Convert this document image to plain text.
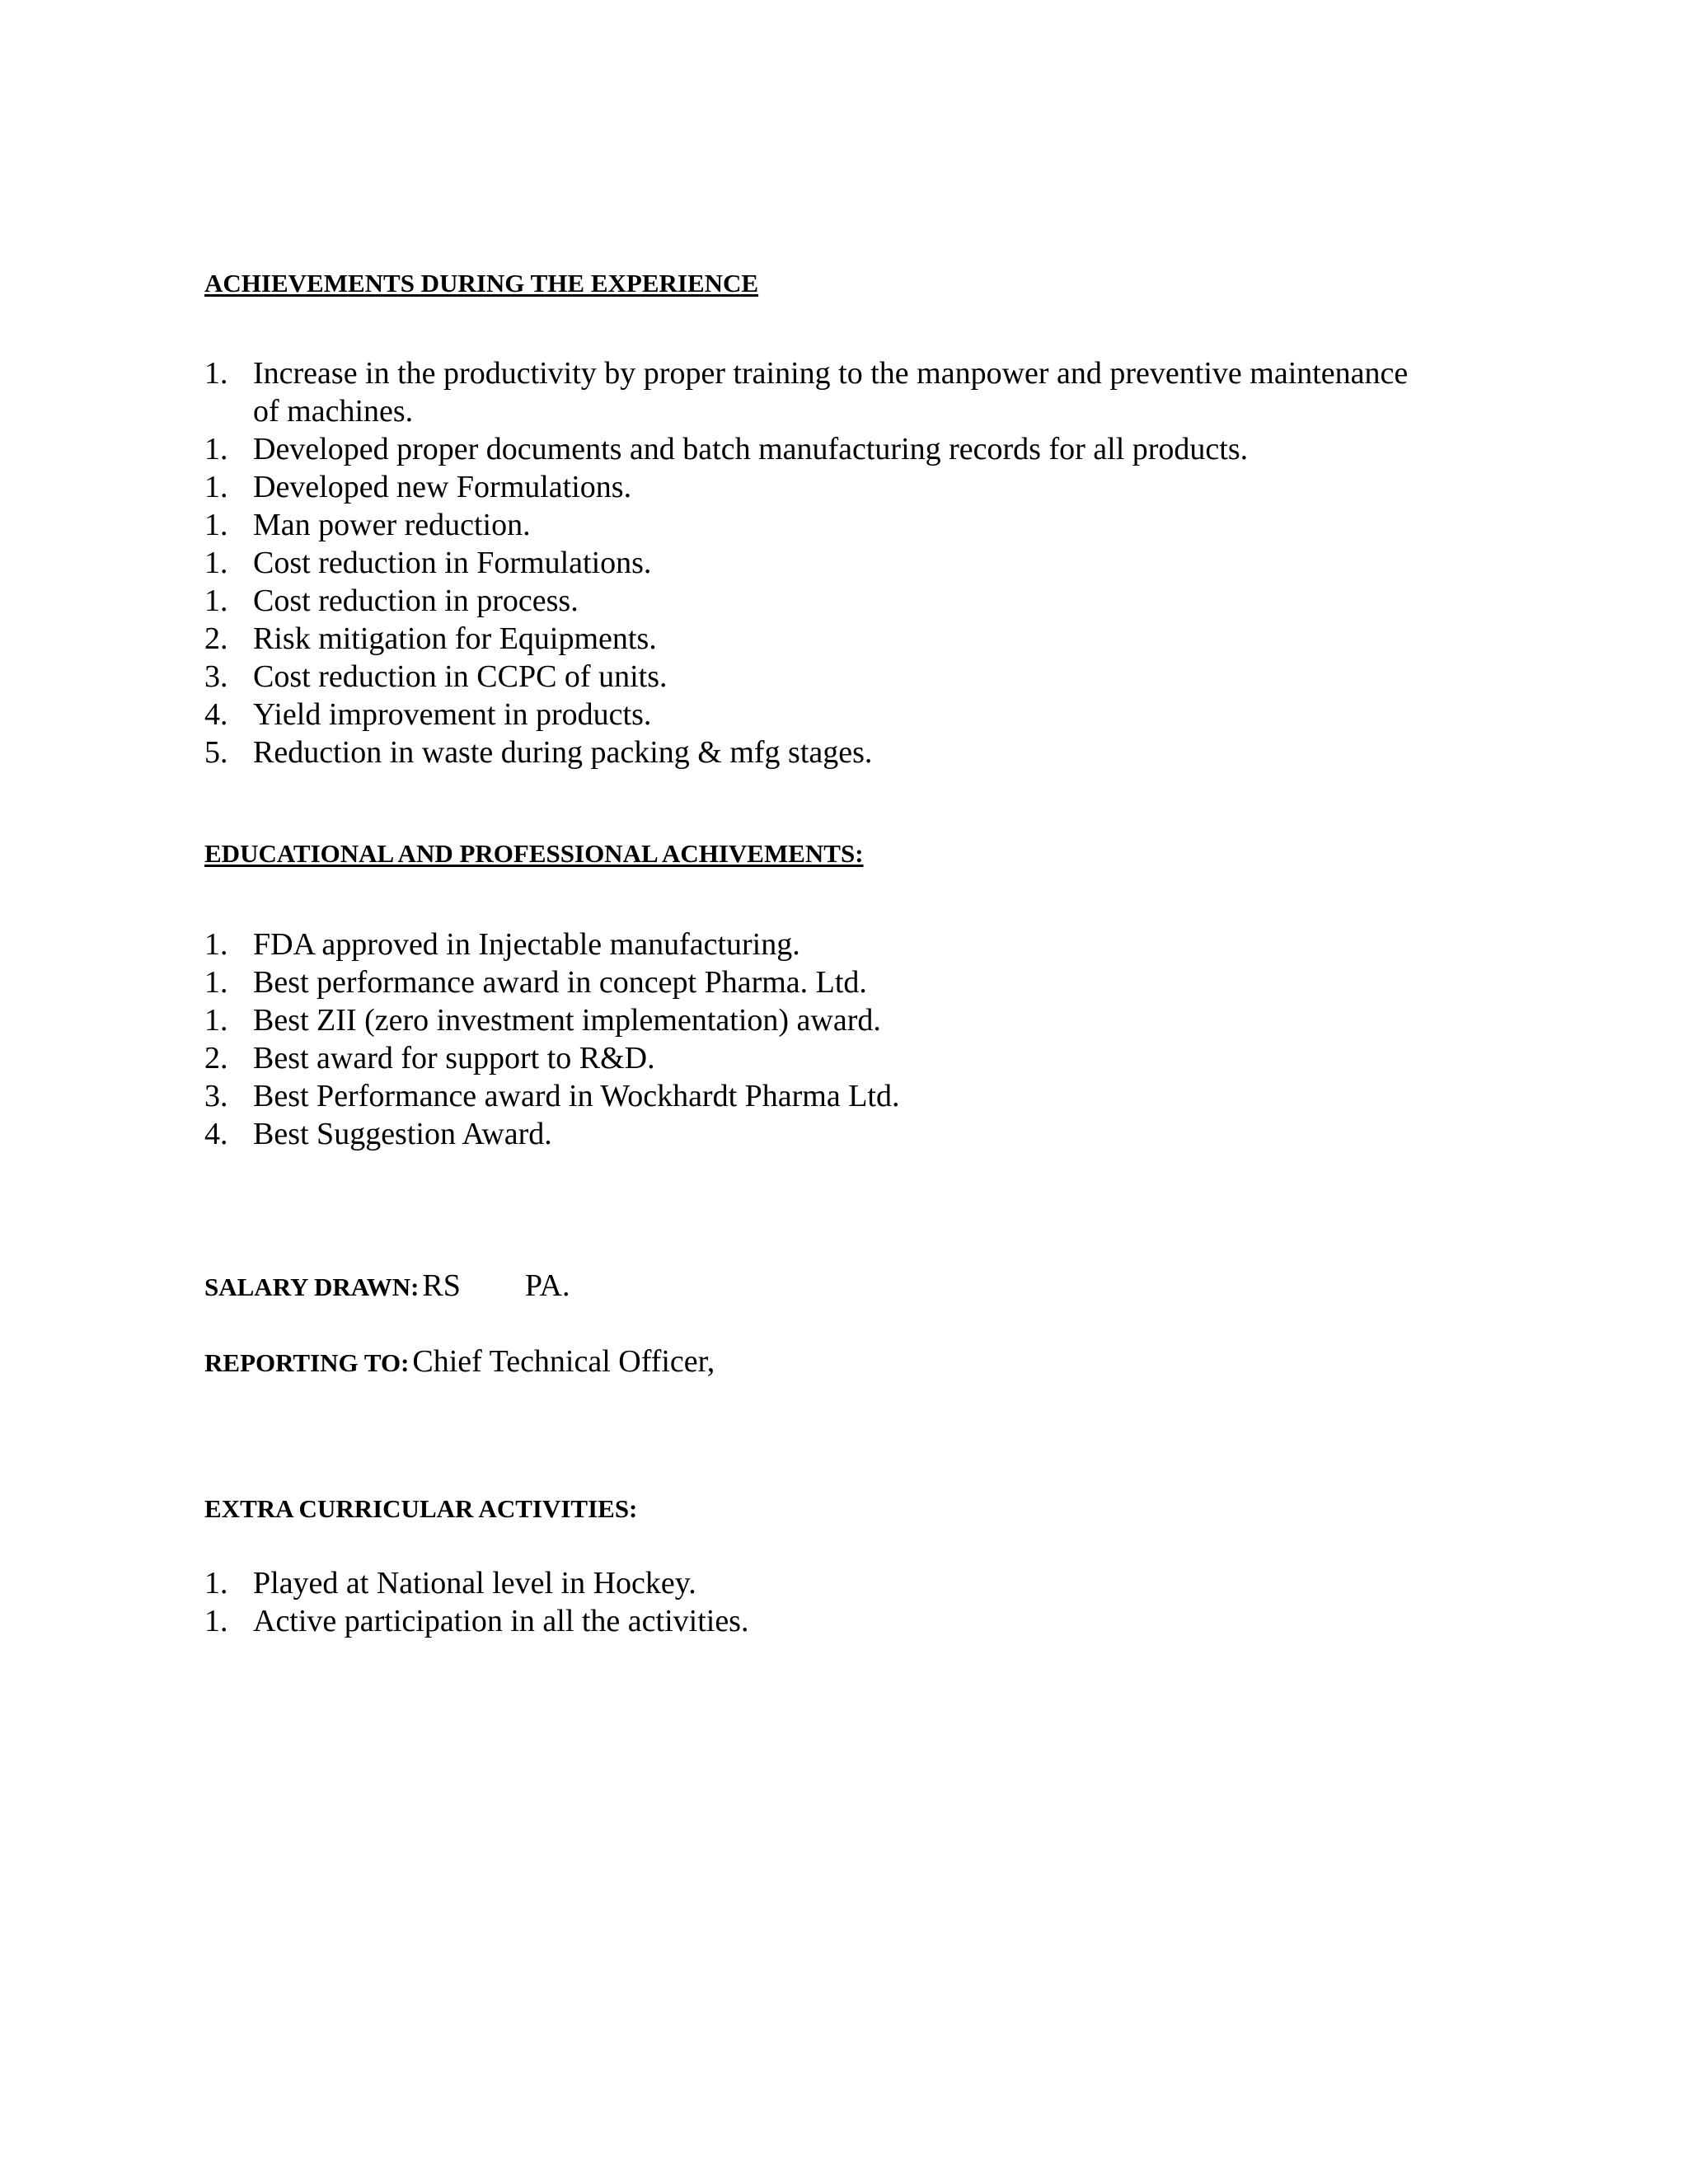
ACHIEVEMENTS DURING THE EXPERIENCE
1. Increase in the productivity by proper training to the manpower and preventive maintenance
of machines.
1. Developed proper documents and batch manufacturing records for all products.
1. Developed new Formulations.
1. Man power reduction.
1. Cost reduction in Formulations.
1. Cost reduction in process.
2. Risk mitigation for Equipments.
3. Cost reduction in CCPC of units.
4. Yield improvement in products.
5. Reduction in waste during packing & mfg stages.
EDUCATIONAL AND PROFESSIONAL ACHIVEMENTS:
1. FDA approved in Injectable manufacturing.
1. Best performance award in concept Pharma. Ltd.
1. Best ZII (zero investment implementation) award.
2. Best award for support to R&D.
3. Best Performance award in Wockhardt Pharma Ltd.
4. Best Suggestion Award.
SALARY DRAWN: RS PA.
REPORTING TO: Chief Technical Officer,
EXTRA CURRICULAR ACTIVITIES:
1. Played at National level in Hockey.
1. Active participation in all the activities.
